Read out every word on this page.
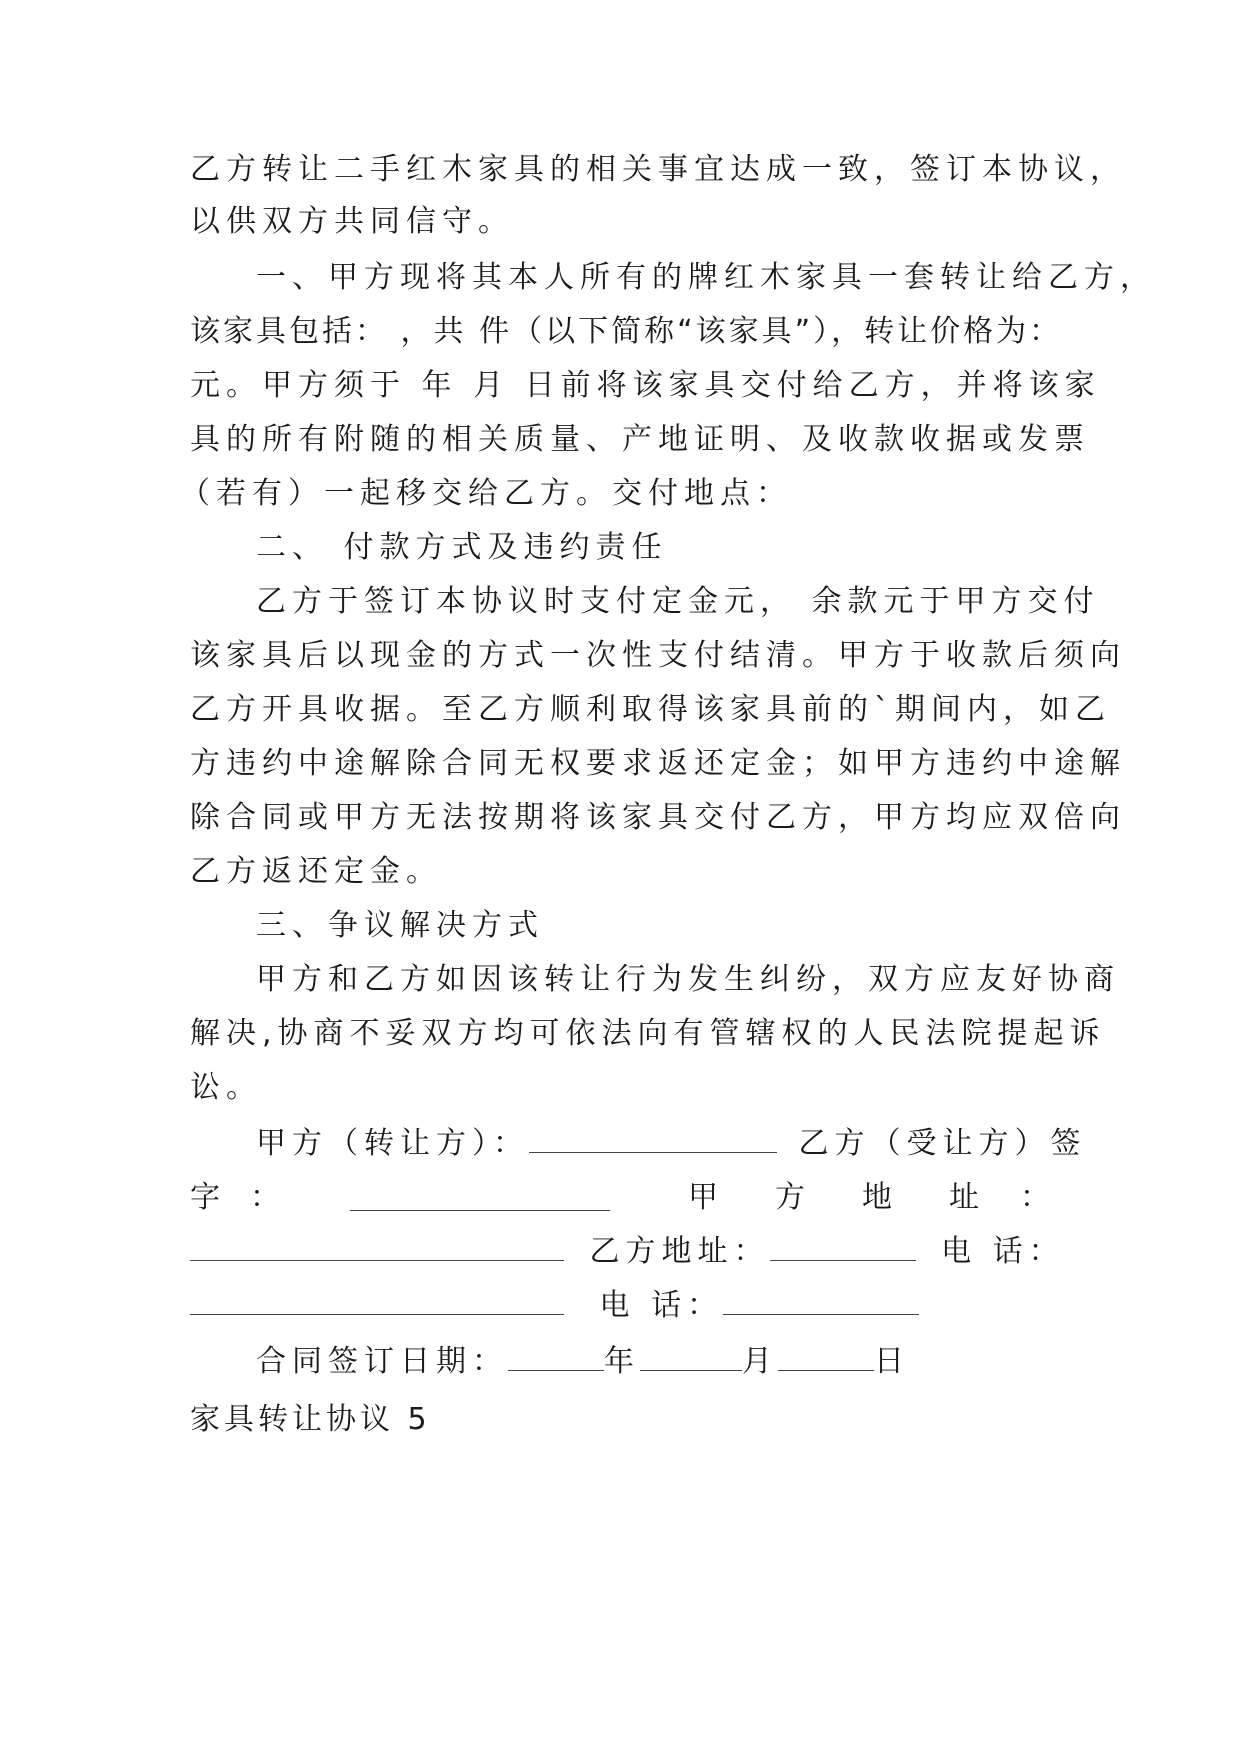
乙方转让二手红木家具的相关事宜达成一致，签订本协议，
以供双方共同信守。
一、甲方现将其本人所有的牌红木家具一套转让给乙方，
该家具包括： ，共 件（以下简称“该家具”），转让价格为：
元。甲方须于 年 月 日前将该家具交付给乙方，并将该家
具的所有附随的相关质量、产地证明、及收款收据或发票
（若有）一起移交给乙方。交付地点：
二、 付款方式及违约责任
乙方于签订本协议时支付定金元， 余款元于甲方交付
该家具后以现金的方式一次性支付结清。甲方于收款后须向
乙方开具收据。至乙方顺利取得该家具前的`期间内，如乙
方违约中途解除合同无权要求返还定金；如甲方违约中途解
除合同或甲方无法按期将该家具交付乙方，甲方均应双倍向
乙方返还定金。
三、争议解决方式
甲方和乙方如因该转让行为发生纠纷，双方应友好协商
解决,协商不妥双方均可依法向有管辖权的人民法院提起诉
讼。
甲方（转让方）：	乙方（受让方）签
字 ：	甲 方 地 址 ：
乙方地址：	电 话：
电 话：
合同签订日期：	年	月	日
家具转让协议 5
